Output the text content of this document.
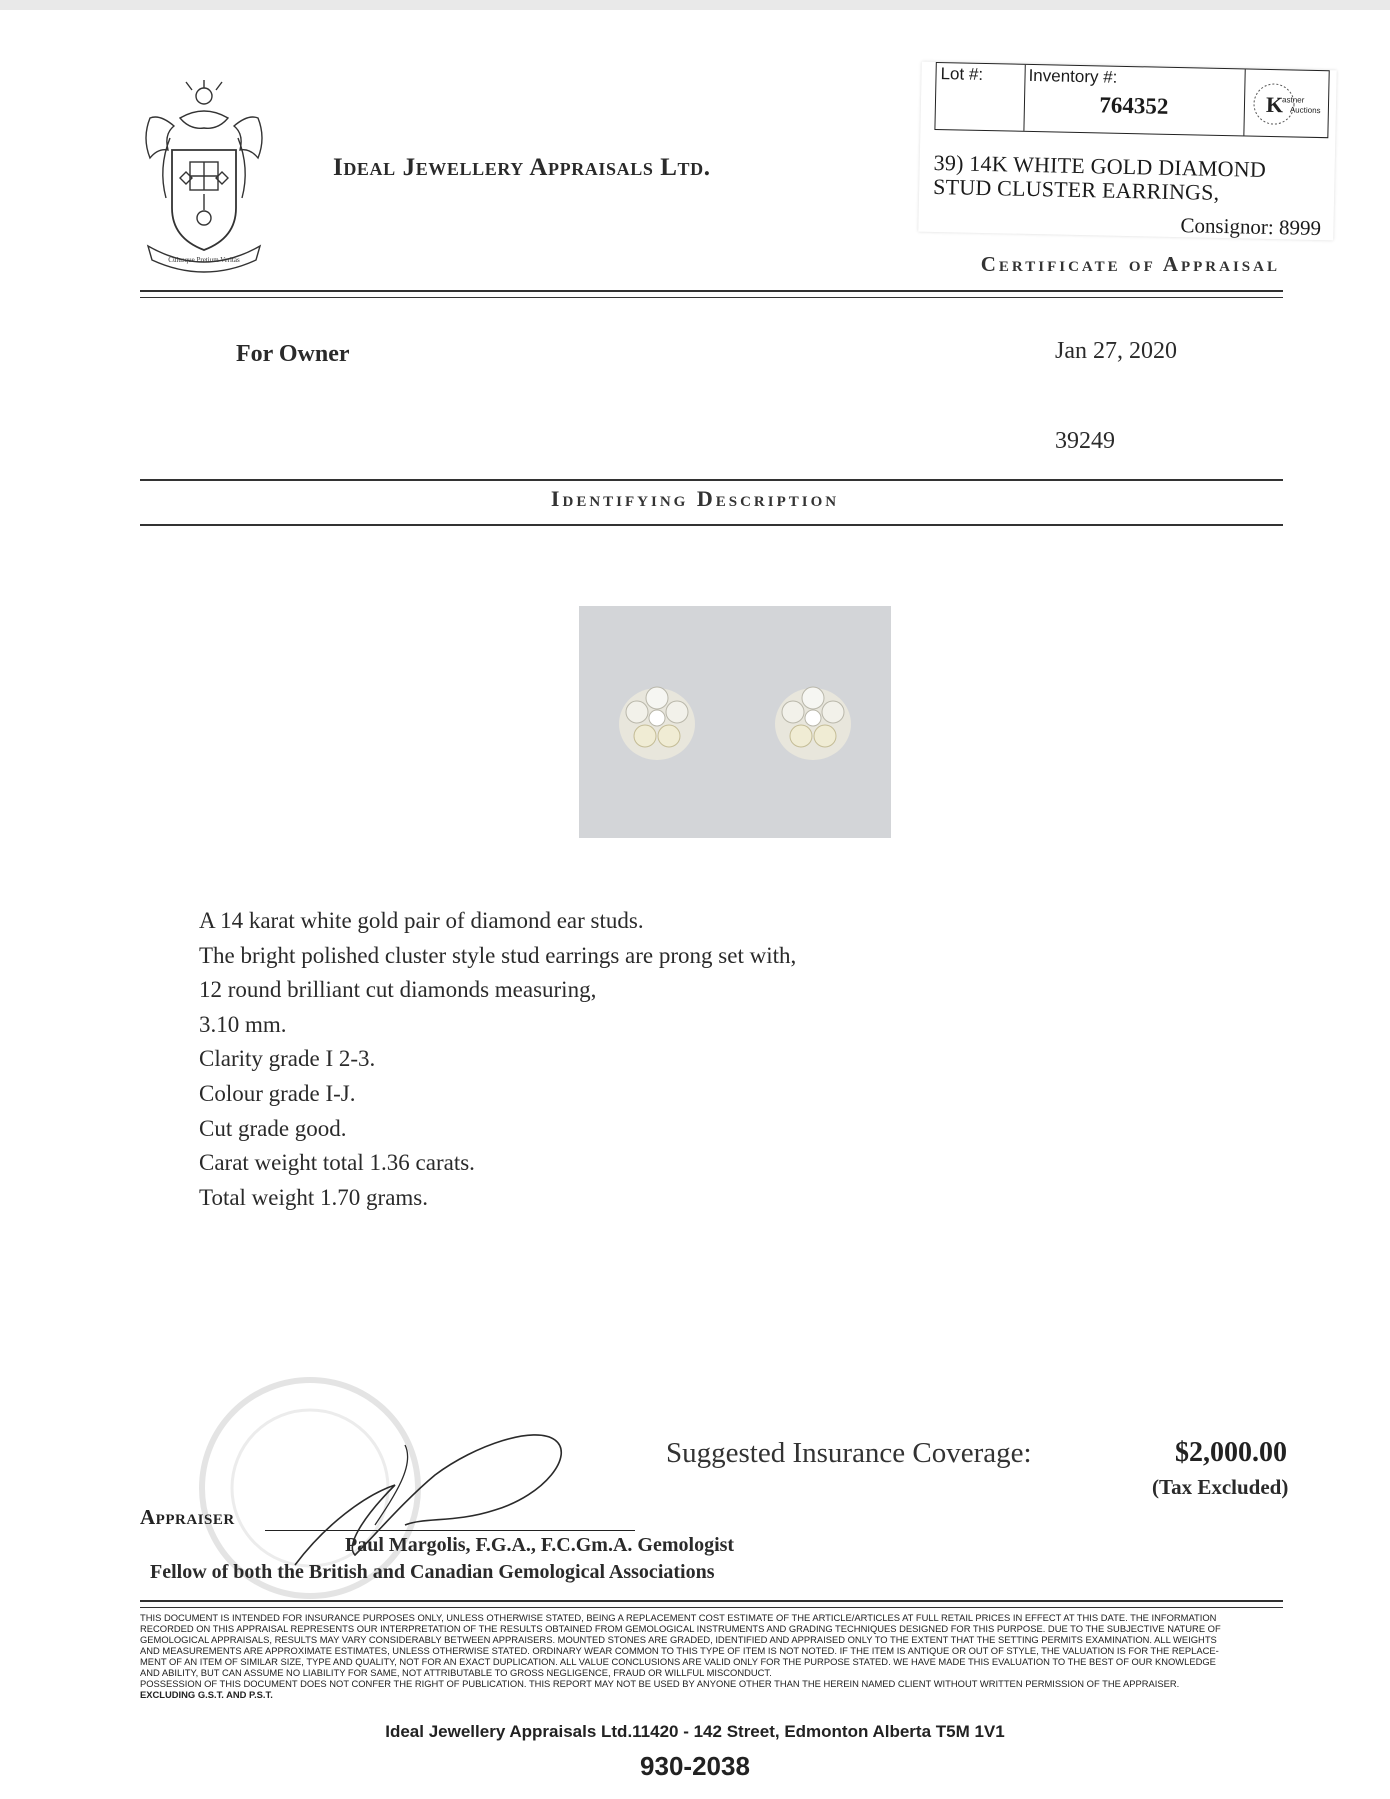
Cuiusque Pretium Veritas
Ideal Jewellery Appraisals Ltd.
Lot #:	Inventory #:
764352	K
astner
Auctions
39) 14K WHITE GOLD DIAMOND
STUD CLUSTER EARRINGS,
Consignor: 8999
Certificate of Appraisal
For Owner	Jan 27, 2020
39249
Identifying Description
A 14 karat white gold pair of diamond ear studs.
The bright polished cluster style stud earrings are prong set with,
12 round brilliant cut diamonds measuring,
3.10 mm.
Clarity grade I 2-3.
Colour grade I-J.
Cut grade good.
Carat weight total 1.36 carats.
Total weight 1.70 grams.
Suggested Insurance Coverage:	$2,000.00
(Tax Excluded)
Appraiser
Paul Margolis, F.G.A., F.C.Gm.A. Gemologist
Fellow of both the British and Canadian Gemological Associations
THIS DOCUMENT IS INTENDED FOR INSURANCE PURPOSES ONLY, UNLESS OTHERWISE STATED, BEING A REPLACEMENT COST ESTIMATE OF THE ARTICLE/ARTICLES AT FULL RETAIL PRICES IN EFFECT AT THIS DATE. THE INFORMATION
RECORDED ON THIS APPRAISAL REPRESENTS OUR INTERPRETATION OF THE RESULTS OBTAINED FROM GEMOLOGICAL INSTRUMENTS AND GRADING TECHNIQUES DESIGNED FOR THIS PURPOSE. DUE TO THE SUBJECTIVE NATURE OF
GEMOLOGICAL APPRAISALS, RESULTS MAY VARY CONSIDERABLY BETWEEN APPRAISERS. MOUNTED STONES ARE GRADED, IDENTIFIED AND APPRAISED ONLY TO THE EXTENT THAT THE SETTING PERMITS EXAMINATION. ALL WEIGHTS
AND MEASUREMENTS ARE APPROXIMATE ESTIMATES, UNLESS OTHERWISE STATED. ORDINARY WEAR COMMON TO THIS TYPE OF ITEM IS NOT NOTED. IF THE ITEM IS ANTIQUE OR OUT OF STYLE, THE VALUATION IS FOR THE REPLACE-
MENT OF AN ITEM OF SIMILAR SIZE, TYPE AND QUALITY, NOT FOR AN EXACT DUPLICATION. ALL VALUE CONCLUSIONS ARE VALID ONLY FOR THE PURPOSE STATED. WE HAVE MADE THIS EVALUATION TO THE BEST OF OUR KNOWLEDGE
AND ABILITY, BUT CAN ASSUME NO LIABILITY FOR SAME, NOT ATTRIBUTABLE TO GROSS NEGLIGENCE, FRAUD OR WILLFUL MISCONDUCT.
POSSESSION OF THIS DOCUMENT DOES NOT CONFER THE RIGHT OF PUBLICATION. THIS REPORT MAY NOT BE USED BY ANYONE OTHER THAN THE HEREIN NAMED CLIENT WITHOUT WRITTEN PERMISSION OF THE APPRAISER.
EXCLUDING G.S.T. AND P.S.T.
Ideal Jewellery Appraisals Ltd.11420 - 142 Street, Edmonton Alberta T5M 1V1
930-2038
